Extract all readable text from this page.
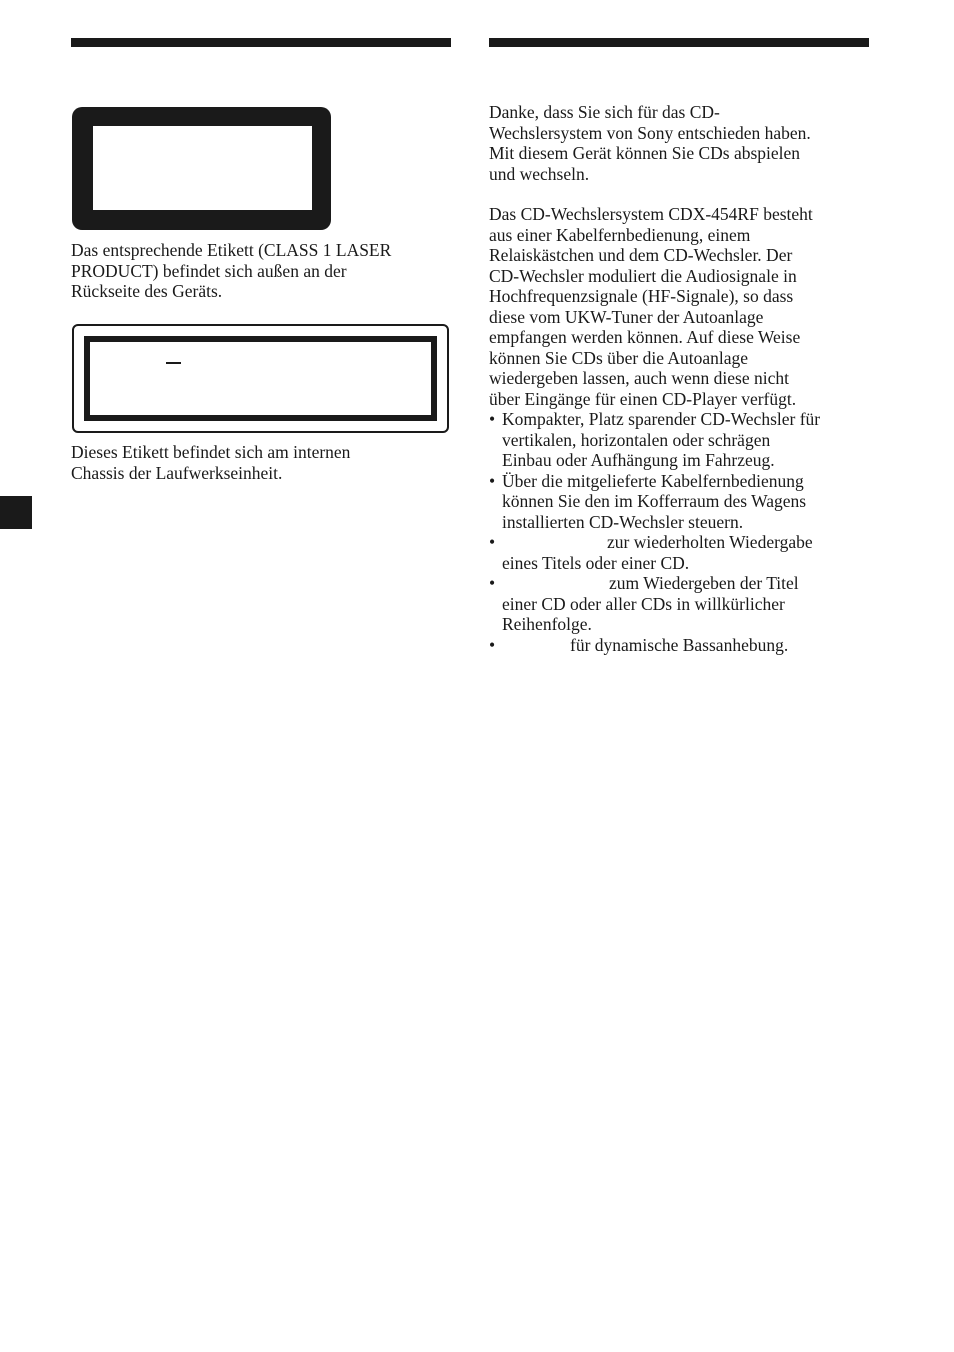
Das entsprechende Etikett (CLASS 1 LASER

PRODUCT) befindet sich außen an der

Rückseite des Geräts.

Dieses Etikett befindet sich am internen

Chassis der Laufwerkseinheit.

Danke, dass Sie sich für das CD-

Wechslersystem von Sony entschieden haben.

Mit diesem Gerät können Sie CDs abspielen

und wechseln.

Das CD-Wechslersystem CDX-454RF besteht

aus einer Kabelfernbedienung, einem

Relaiskästchen und dem CD-Wechsler. Der

CD-Wechsler moduliert die Audiosignale in

Hochfrequenzsignale (HF-Signale), so dass

diese vom UKW-Tuner der Autoanlage

empfangen werden können. Auf diese Weise

können Sie CDs über die Autoanlage

wiedergeben lassen, auch wenn diese nicht

über Eingänge für einen CD-Player verfügt.

• Kompakter, Platz sparender CD-Wechsler für
vertikalen, horizontalen oder schrägen
Einbau oder Aufhängung im Fahrzeug.
• Über die mitgelieferte Kabelfernbedienung
können Sie den im Kofferraum des Wagens
installierten CD-Wechsler steuern.
•	zur wiederholten Wiedergabe
eines Titels oder einer CD.
•	zum Wiedergeben der Titel
einer CD oder aller CDs in willkürlicher
Reihenfolge.
•	für dynamische Bassanhebung.
